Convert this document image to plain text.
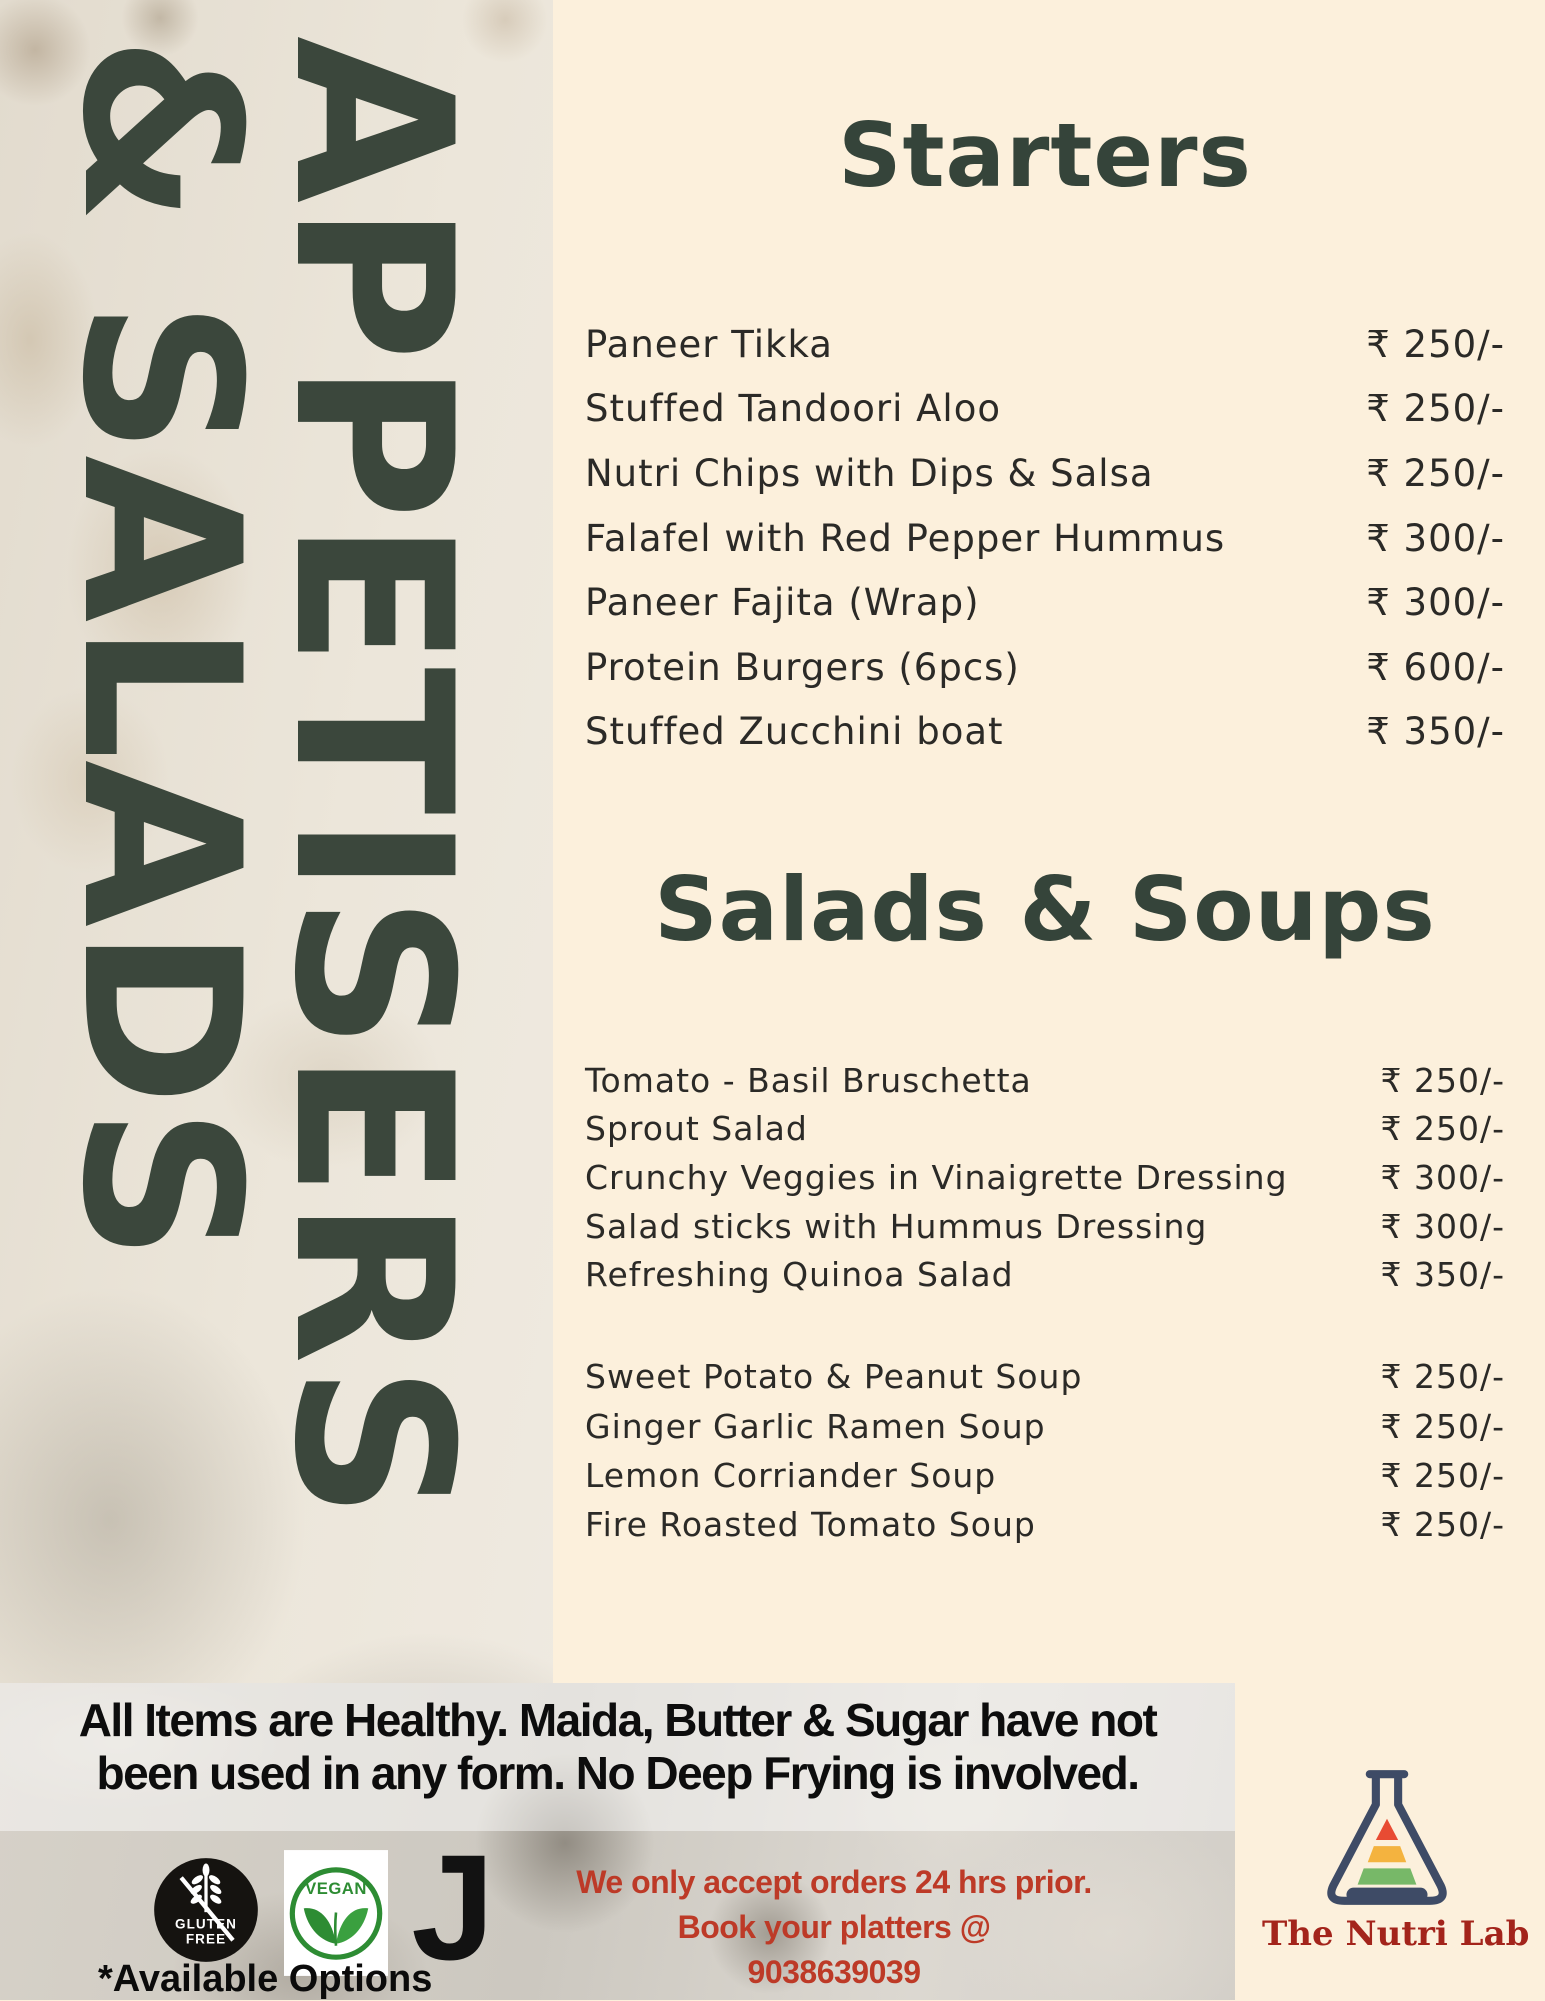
APPETISERS
& SALADS	Starters
Paneer Tikka	₹ 250/-
Stuffed Tandoori Aloo	₹ 250/-
Nutri Chips with Dips & Salsa	₹ 250/-
Falafel with Red Pepper Hummus	₹ 300/-
Paneer Fajita (Wrap)	₹ 300/-
Protein Burgers (6pcs)	₹ 600/-
Stuffed Zucchini boat	₹ 350/-
Salads & Soups
Tomato - Basil Bruschetta	₹ 250/-
Sprout Salad	₹ 250/-
Crunchy Veggies in Vinaigrette Dressing	₹ 300/-
Salad sticks with Hummus Dressing	₹ 300/-
Refreshing Quinoa Salad	₹ 350/-
Sweet Potato & Peanut Soup	₹ 250/-
Ginger Garlic Ramen Soup	₹ 250/-
Lemon Corriander Soup	₹ 250/-
Fire Roasted Tomato Soup	₹ 250/-
All Items are Healthy. Maida, Butter & Sugar have not
been used in any form. No Deep Frying is involved.
GLUTEN
FREE
VEGAN J	We only accept orders 24 hrs prior.
Book your platters @
9038639039
*Available Options
The Nutri Lab
